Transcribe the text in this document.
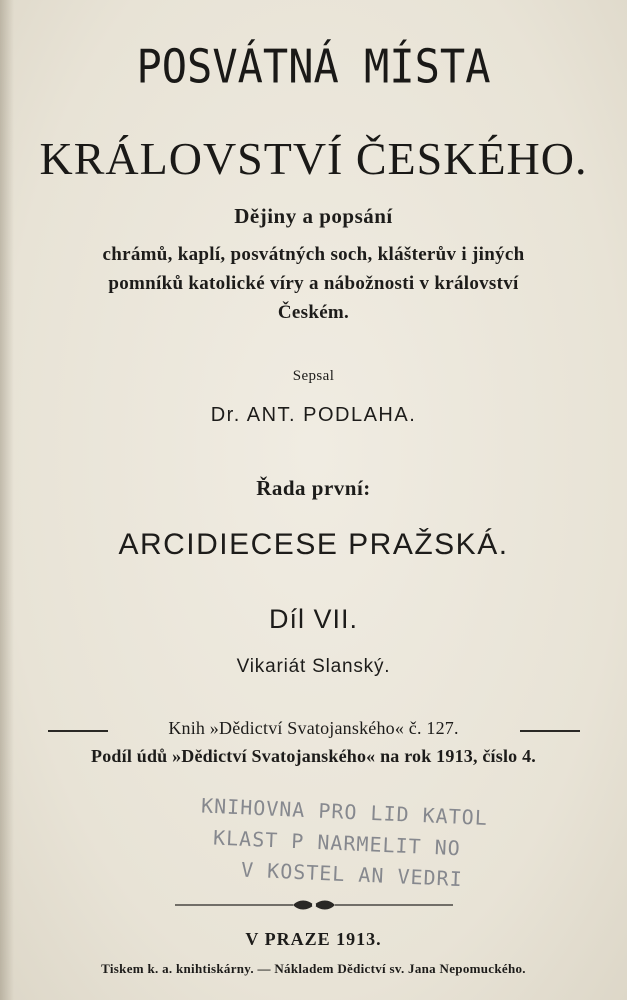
POSVÁTNÁ MÍSTA
KRÁLOVSTVÍ ČESKÉHO.
Dějiny a popsání
chrámů, kaplí, posvátných soch, klášterův i jiných
pomníků katolické víry a nábožnosti v království
Českém.
Sepsal
Dr. ANT. PODLAHA.
Řada první:
ARCIDIECESE PRAŽSKÁ.
Díl VII.
Vikariát Slanský.
Knih »Dědictví Svatojanského« č. 127.
Podíl údů »Dědictví Svatojanského« na rok 1913, číslo 4.
KNIHOVNA PRO LID KATOL
KLAST P NARMELIT NO
V KOSTEL AN VEDRI
V PRAZE 1913.
Tiskem k. a. knihtiskárny. — Nákladem Dědictví sv. Jana Nepomuckého.
